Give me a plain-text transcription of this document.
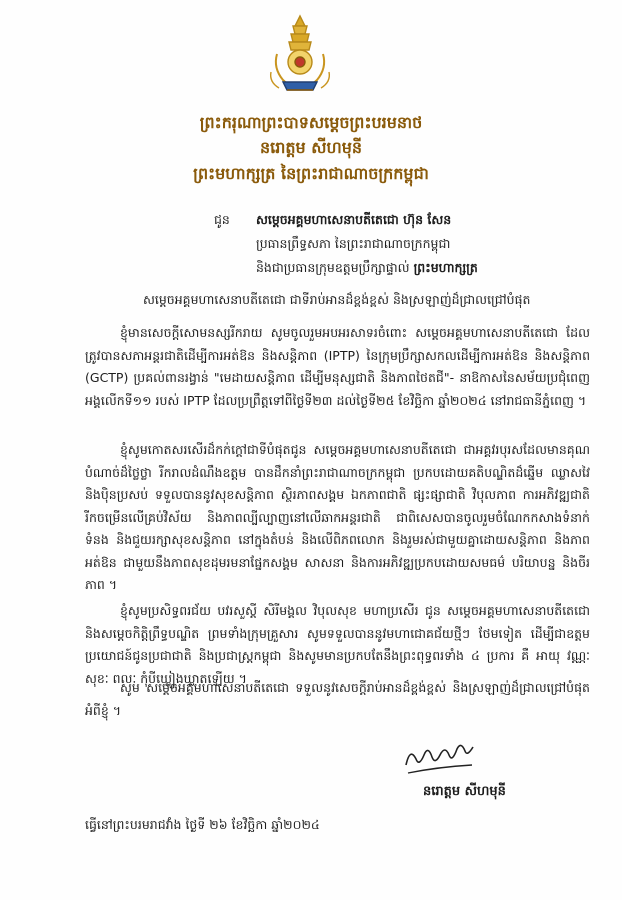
ព្រះករុណាព្រះបាទសម្តេចព្រះបរមនាថ
នរោត្តម សីហមុនី
ព្រះមហាក្សត្រ នៃព្រះរាជាណាចក្រកម្ពុជា
ជូន	សម្តេចអគ្គមហាសេនាបតីតេជោ ហ៊ុន សែន
ប្រធានព្រឹទ្ធសភា នៃព្រះរាជាណាចក្រកម្ពុជា
និងជាប្រធានក្រុមឧត្តមប្រឹក្សាផ្ទាល់ ព្រះមហាក្សត្រ
សម្តេចអគ្គមហាសេនាបតីតេជោ ជាទីរាប់អានដ៏ខ្ពង់ខ្ពស់ និងស្រឡាញ់ដ៏ជ្រាលជ្រៅបំផុត
ខ្ញុំមានសេចក្តីសោមនស្សរីករាយ សូមចូលរួមអបអរសាទរចំពោះ សម្តេចអគ្គមហាសេនាបតីតេជោ ដែលត្រូវបានសភាអន្តរជាតិដើម្បីការអត់ឱន និងសន្តិភាព (IPTP) នៃក្រុមប្រឹក្សាសកលដើម្បីការអត់ឱន និងសន្តិភាព (GCTP) ប្រគល់ពានរង្វាន់ "មេដាយសន្តិភាព ដើម្បីមនុស្សជាតិ និងភាពថៃតជី"- នាឱកាសនៃសម័យប្រជុំពេញអង្គលើកទី១១ របស់ IPTP ដែលប្រព្រឹត្តទៅពីថ្ងៃទី២៣ ដល់ថ្ងៃទី២៥ ខែវិច្ឆិកា ឆ្នាំ២០២៤ នៅរាជធានីភ្នំពេញ ។
ខ្ញុំសូមកោតសរសើរដ៏កក់ក្តៅជាទីបំផុតជូន សម្តេចអគ្គមហាសេនាបតីតេជោ ជាអគ្គវរបុរសដែលមានគុណបំណាច់ដ៏ថ្លៃថ្លា រីករាលដំណឹងឧត្តម បានដឹកនាំព្រះរាជាណាចក្រកម្ពុជា ប្រកបដោយគតិបណ្ឌិតដ៏ឆ្នើម ឈ្លាសវៃ និងប៉ិនប្រសប់ ទទួលបាននូវសុខសន្តិភាព ស្ថិរភាពសង្គម ឯកភាពជាតិ ផ្សះផ្សាជាតិ វិបុលភាព ការអភិវឌ្ឍជាតិរីកចម្រើនលើគ្រប់វិស័យ និងភាពល្បីល្បាញនៅលើឆាកអន្តរជាតិ ជាពិសេសបានចូលរួមចំណែកកសាងទំនាក់ទំនង និងជួយរក្សាសុខសន្តិភាព នៅក្នុងតំបន់ និងលើពិភពលោក និងរួមរស់ជាមួយគ្នាដោយសន្តិភាព និងភាពអត់ឱន ជាមួយនឹងភាពសុខដុមរមនាផ្នែកសង្គម សាសនា និងការអភិវឌ្ឍប្រកបដោយសមធម៌ បរិយាបន្ន និងចីរភាព ។
ខ្ញុំសូមប្រសិទ្ធពរជ័យ បវរសួស្តី សិរីមង្គល វិបុលសុខ មហាប្រសើរ ជូន សម្តេចអគ្គមហាសេនាបតីតេជោ និងសម្តេចកិត្តិព្រឹទ្ធបណ្ឌិត ព្រមទាំងក្រុមគ្រួសារ សូមទទួលបាននូវមហាជោគជ័យថ្មីៗ ថែមទៀត ដើម្បីជាឧត្តមប្រយោជន៍ជូនប្រជាជាតិ និងប្រជាស្រ្តកម្ពុជា និងសូមមានប្រកបតែនឹងព្រះពុទ្ធពរទាំង ៤ ប្រការ គឺ អាយុ វណ្ណៈ សុខៈ ពលៈ កុំបីឃ្លៀងឃ្លាតឡើយ ។
សូម សម្តេចអគ្គមហាសេនាបតីតេជោ ទទួលនូវសេចក្តីរាប់អានដ៏ខ្ពង់ខ្ពស់ និងស្រឡាញ់ដ៏ជ្រាលជ្រៅបំផុត អំពីខ្ញុំ ។
នរោត្តម សីហមុនី
ធ្វើនៅព្រះបរមរាជវាំង ថ្ងៃទី ២៦ ខែវិច្ឆិកា ឆ្នាំ២០២៤
